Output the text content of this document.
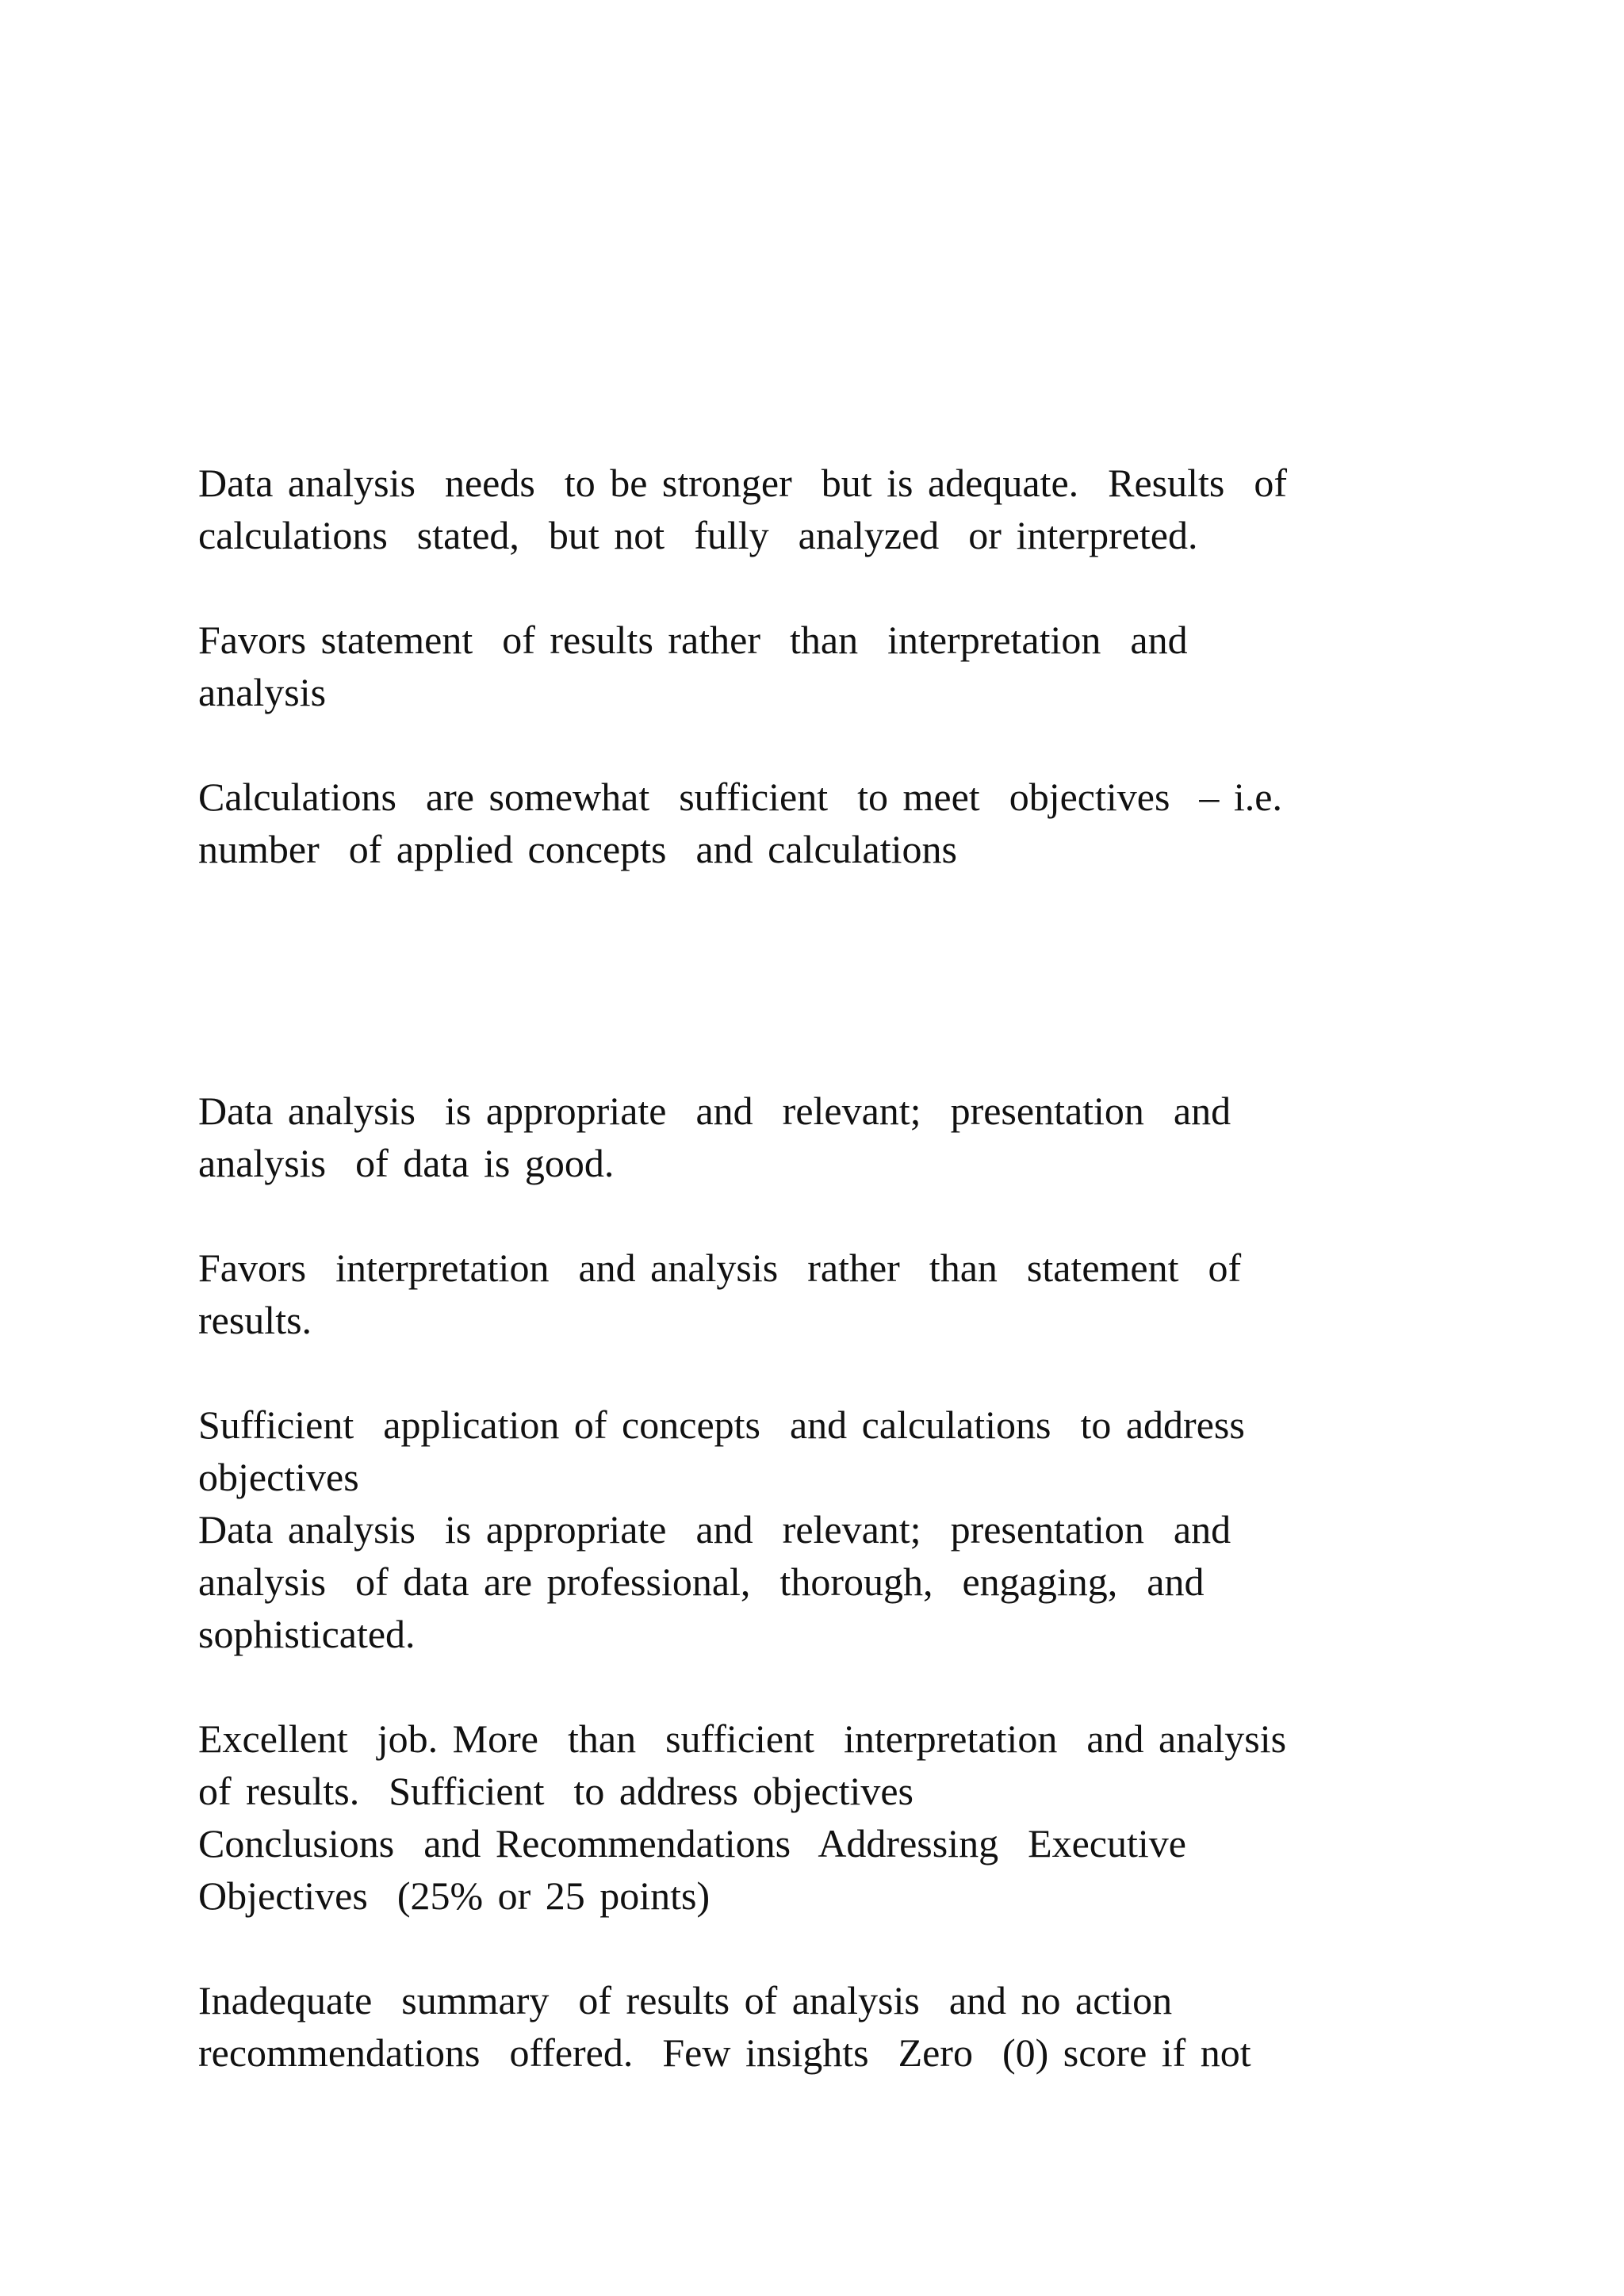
Data analysis  needs  to be stronger  but is adequate.  Results  of

calculations  stated,  but not  fully  analyzed  or interpreted.

Favors statement  of results rather  than  interpretation  and

analysis

Calculations  are somewhat  sufficient  to meet  objectives  – i.e.

number  of applied concepts  and calculations

Data analysis  is appropriate  and  relevant;  presentation  and

analysis  of data is good.

Favors  interpretation  and analysis  rather  than  statement  of

results.

Sufficient  application of concepts  and calculations  to address

objectives

Data analysis  is appropriate  and  relevant;  presentation  and

analysis  of data are professional,  thorough,  engaging,  and

sophisticated.

Excellent  job. More  than  sufficient  interpretation  and analysis

of results.  Sufficient  to address objectives

Conclusions  and Recommendations  Addressing  Executive

Objectives  (25% or 25 points)

Inadequate  summary  of results of analysis  and no action

recommendations  offered.  Few insights  Zero  (0) score if not
